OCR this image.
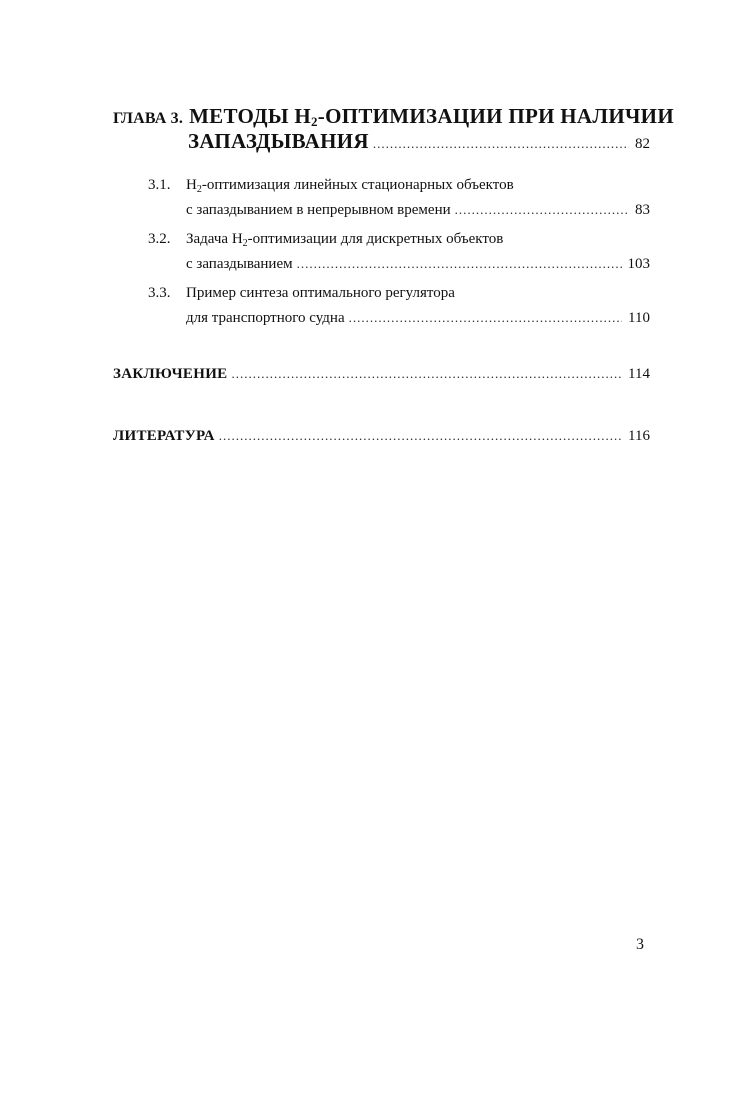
ГЛАВА 3. МЕТОДЫ $H_2$-ОПТИМИЗАЦИИ ПРИ НАЛИЧИИ
ЗАПАЗДЫВАНИЯ .....	82
3.1.	$H_2$-оптимизация линейных стационарных объектов
с запаздыванием в непрерывном времени .....	83
3.2.	Задача $H_2$-оптимизации для дискретных объектов
с запаздыванием .....	103
3.3.	Пример синтеза оптимального регулятора
для транспортного судна .....	110
ЗАКЛЮЧЕНИЕ .....	114
ЛИТЕРАТУРА .....	116
3
